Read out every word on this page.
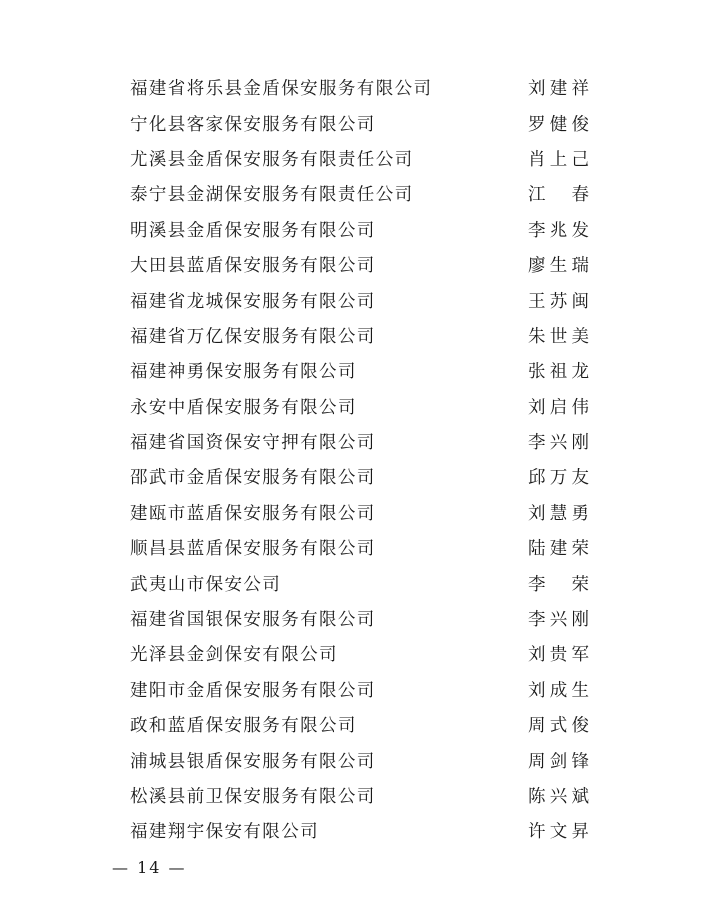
福建省将乐县金盾保安服务有限公司	刘建祥
宁化县客家保安服务有限公司	罗健俊
尤溪县金盾保安服务有限责任公司	肖上己
泰宁县金湖保安服务有限责任公司	江　春
明溪县金盾保安服务有限公司	李兆发
大田县蓝盾保安服务有限公司	廖生瑞
福建省龙城保安服务有限公司	王苏闽
福建省万亿保安服务有限公司	朱世美
福建神勇保安服务有限公司	张祖龙
永安中盾保安服务有限公司	刘启伟
福建省国资保安守押有限公司	李兴刚
邵武市金盾保安服务有限公司	邱万友
建瓯市蓝盾保安服务有限公司	刘慧勇
顺昌县蓝盾保安服务有限公司	陆建荣
武夷山市保安公司	李　荣
福建省国银保安服务有限公司	李兴刚
光泽县金剑保安有限公司	刘贵军
建阳市金盾保安服务有限公司	刘成生
政和蓝盾保安服务有限公司	周式俊
浦城县银盾保安服务有限公司	周剑锋
松溪县前卫保安服务有限公司	陈兴斌
福建翔宇保安有限公司	许文昇
— 14 —
